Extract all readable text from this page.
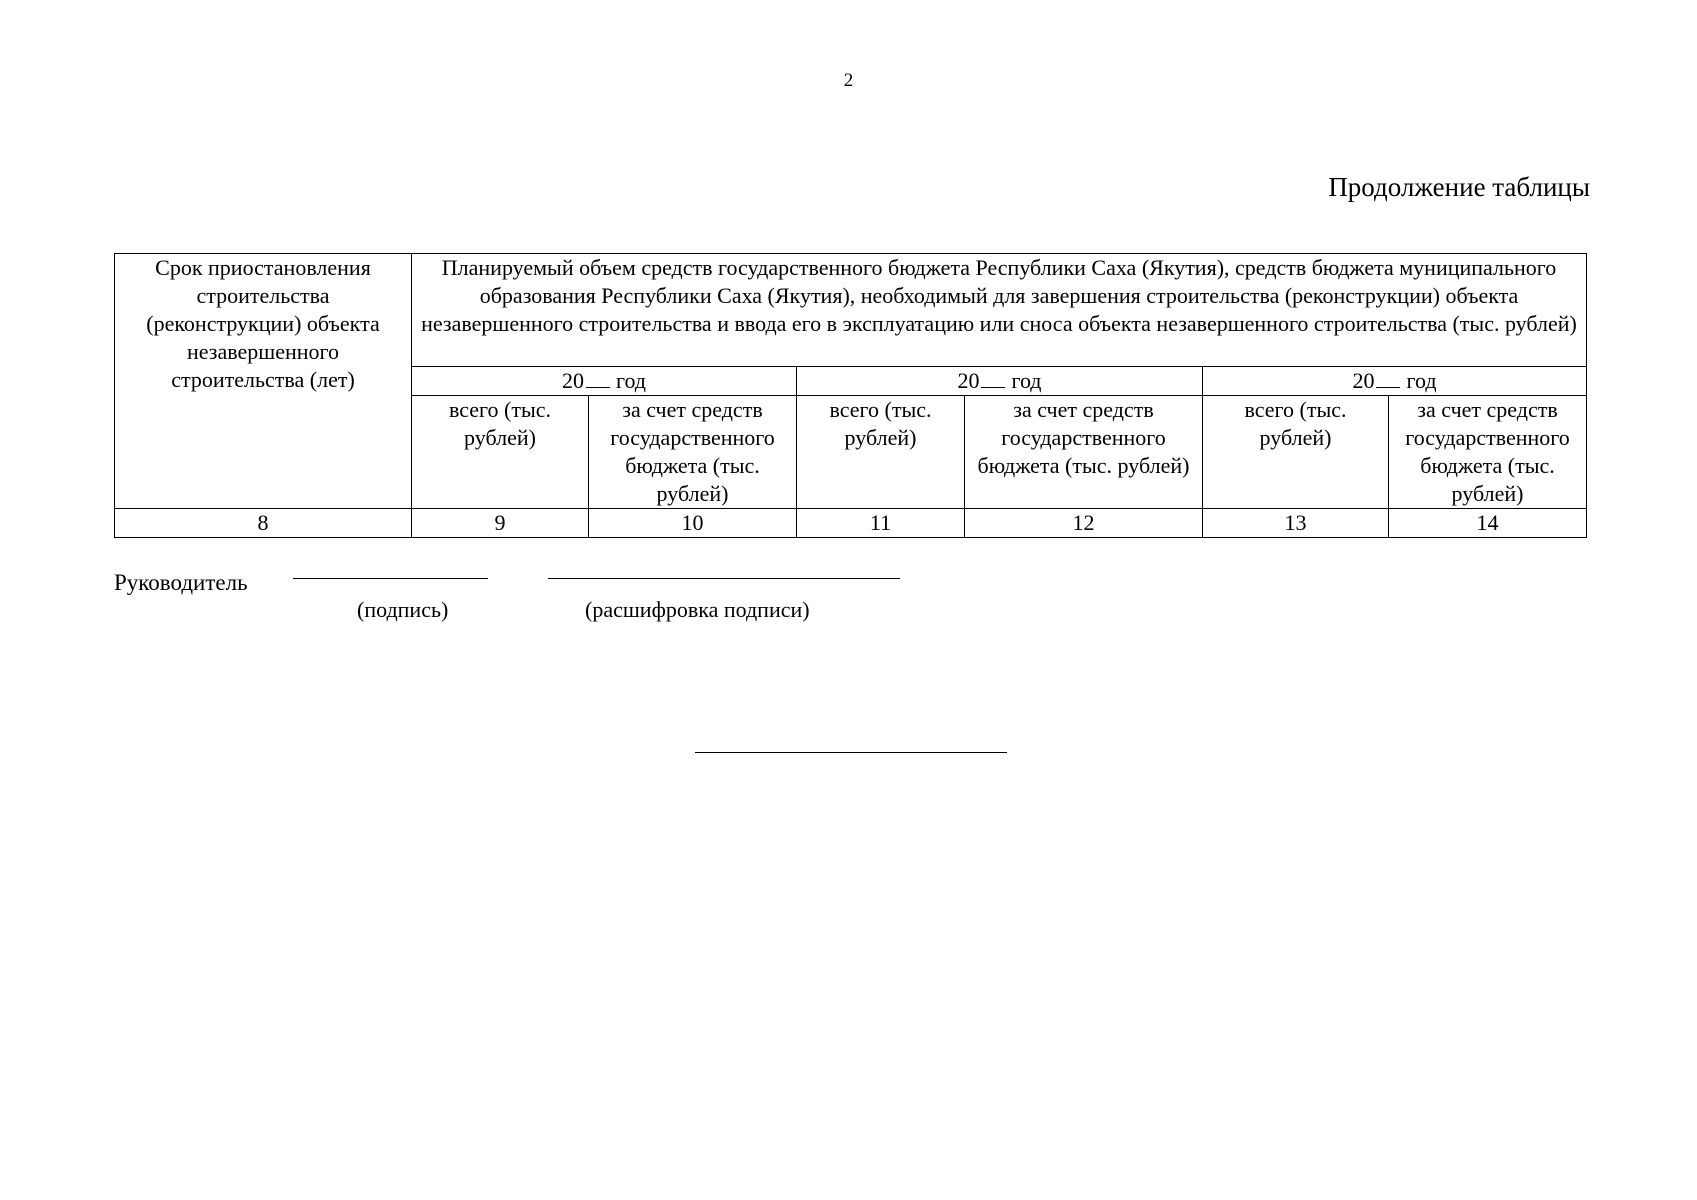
2
Продолжение таблицы
Срок приостановления строительства (реконструкции) объекта незавершенного строительства (лет)	Планируемый объем средств государственного бюджета Республики Саха (Якутия), средств бюджета муниципального образования Республики Саха (Якутия), необходимый для завершения строительства (реконструкции) объекта незавершенного строительства и ввода его в эксплуатацию или сноса объекта незавершенного строительства (тыс. рублей)					
	20 год		20 год		20 год	
	всего (тыс. рублей)	за счет средств государственного бюджета (тыс. рублей)	всего (тыс. рублей)	за счет средств государственного бюджета (тыс. рублей)	всего (тыс. рублей)	за счет средств государственного бюджета (тыс. рублей)
8	9	10	11	12	13	14
Руководитель
(подпись)	(расшифровка подписи)
